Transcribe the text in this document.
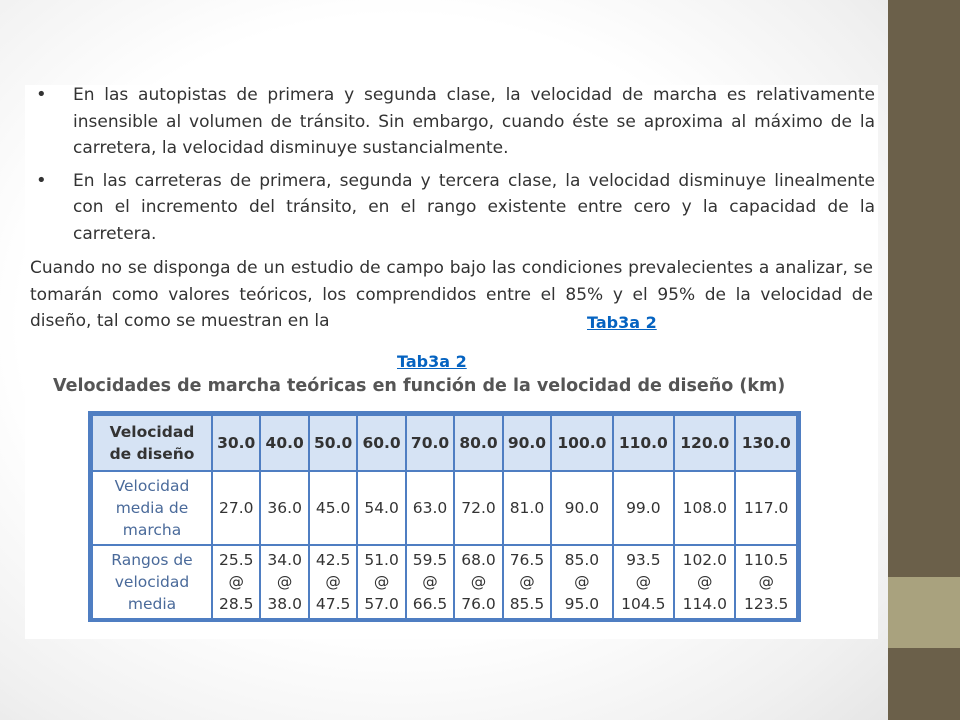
• En las autopistas de primera y segunda clase, la velocidad de marcha es relativamente insensible al volumen de tránsito. Sin embargo, cuando éste se aproxima al máximo de la carretera, la velocidad disminuye sustancialmente.
• En las carreteras de primera, segunda y tercera clase, la velocidad disminuye linealmente con el incremento del tránsito, en el rango existente entre cero y la capacidad de la carretera.
Cuando no se disponga de un estudio de campo bajo las condiciones prevalecientes a analizar, se tomarán como valores teóricos, los comprendidos entre el 85% y el 95% de la velocidad de diseño, tal como se muestran en la	Tab3a 2
Tab3a 2
Velocidades de marcha teóricas en función de la velocidad de diseño (km)
Velocidad
de diseño	30.0	40.0	50.0	60.0	70.0	80.0	90.0	100.0	110.0	120.0	130.0

Velocidad
media de
marcha	27.0	36.0	45.0	54.0	63.0	72.0	81.0	90.0	99.0	108.0	117.0

Rangos de
velocidad
media	25.5
@
28.5	34.0
@
38.0	42.5
@
47.5	51.0
@
57.0	59.5
@
66.5	68.0
@
76.0	76.5
@
85.5	85.0
@
95.0	93.5
@
104.5	102.0
@
114.0	110.5
@
123.5
